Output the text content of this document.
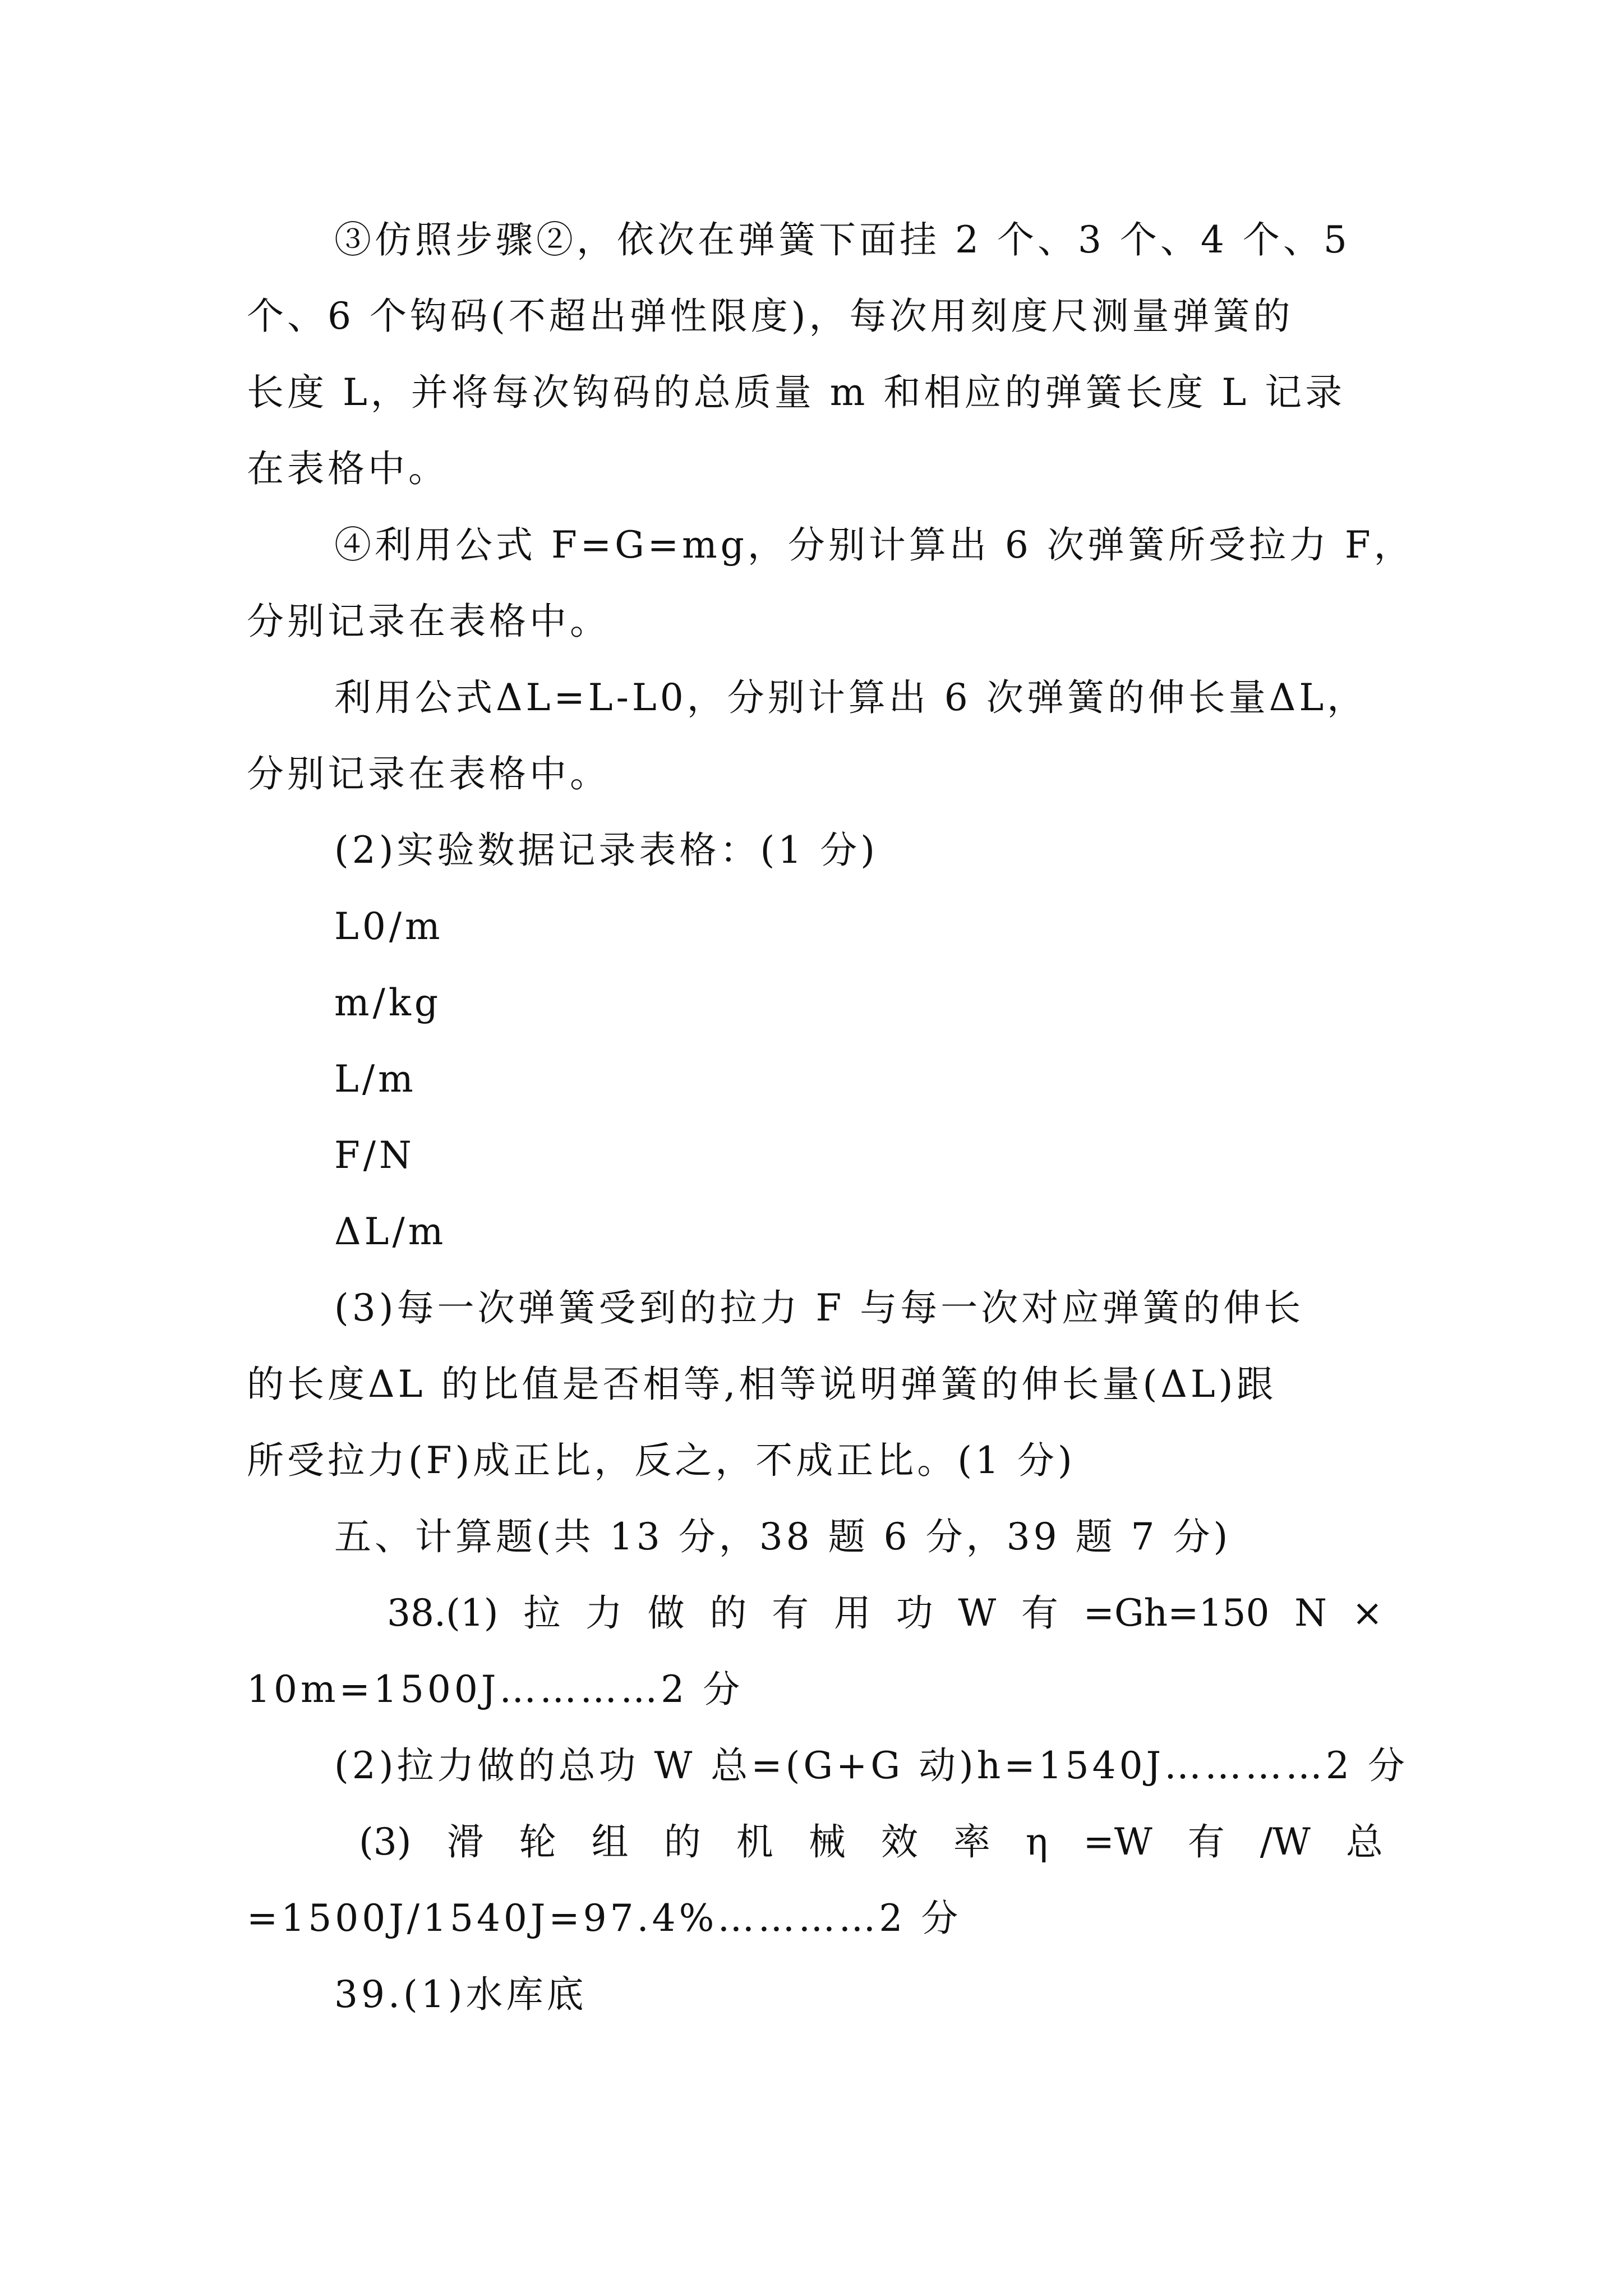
③仿照步骤②，依次在弹簧下面挂 2 个、3 个、4 个、5
个、6 个钩码(不超出弹性限度)，每次用刻度尺测量弹簧的
长度 L，并将每次钩码的总质量 m 和相应的弹簧长度 L 记录
在表格中。
④利用公式 F=G=mg，分别计算出 6 次弹簧所受拉力 F，
分别记录在表格中。
利用公式ΔL=L-L0，分别计算出 6 次弹簧的伸长量ΔL，
分别记录在表格中。
(2)实验数据记录表格：(1 分)
L0/m
m/kg
L/m
F/N
ΔL/m
(3)每一次弹簧受到的拉力 F 与每一次对应弹簧的伸长
的长度ΔL 的比值是否相等,相等说明弹簧的伸长量(ΔL)跟
所受拉力(F)成正比，反之，不成正比。(1 分)
五、计算题(共 13 分，38 题 6 分，39 题 7 分)
38.(1) 拉 力 做 的 有 用 功 W 有 =Gh=150 N ×
10m=1500J…………2 分
(2)拉力做的总功 W 总=(G+G 动)h=1540J…………2 分
(3) 滑 轮 组 的 机 械 效 率 η =W 有 /W 总
=1500J/1540J=97.4%…………2 分
39.(1)水库底
